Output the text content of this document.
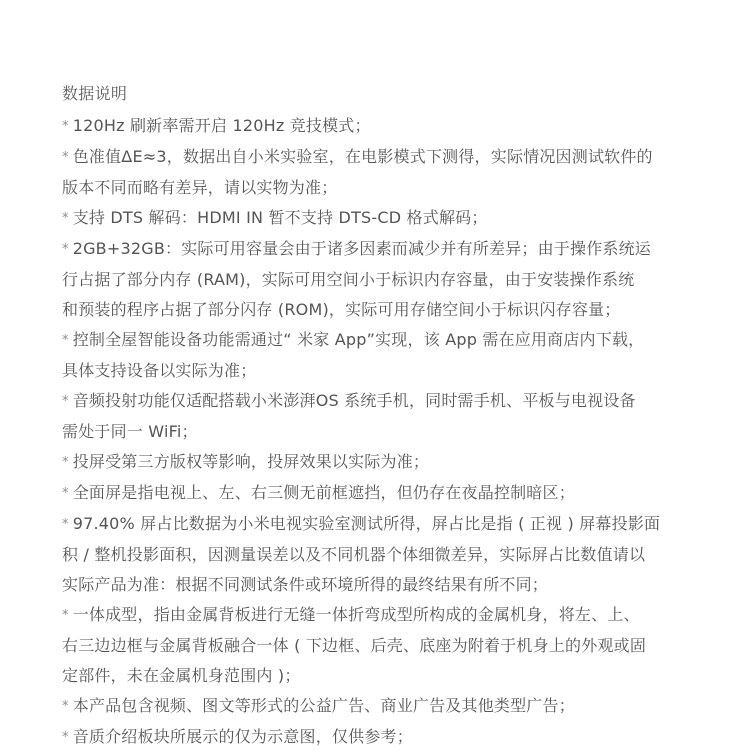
数据说明
* 120Hz 刷新率需开启 120Hz 竞技模式；
* 色准值ΔE≈3，数据出自小米实验室，在电影模式下测得，实际情况因测试软件的
版本不同而略有差异，请以实物为准；
* 支持 DTS 解码：HDMI IN 暂不支持 DTS-CD 格式解码；
* 2GB+32GB：实际可用容量会由于诸多因素而减少并有所差异；由于操作系统运
行占据了部分内存 (RAM)，实际可用空间小于标识内存容量，由于安装操作系统
和预装的程序占据了部分闪存 (ROM)，实际可用存储空间小于标识闪存容量；
* 控制全屋智能设备功能需通过“ 米家 App”实现，该 App 需在应用商店内下载，
具体支持设备以实际为准；
* 音频投射功能仅适配搭载小米澎湃OS 系统手机，同时需手机、平板与电视设备
需处于同一 WiFi；
* 投屏受第三方版权等影响，投屏效果以实际为准；
* 全面屏是指电视上、左、右三侧无前框遮挡，但仍存在夜晶控制暗区；
* 97.40% 屏占比数据为小米电视实验室测试所得，屏占比是指 ( 正视 ) 屏幕投影面
积 / 整机投影面积，因测量误差以及不同机器个体细微差异，实际屏占比数值请以
实际产品为准：根据不同测试条件或环境所得的最终结果有所不同；
* 一体成型，指由金属背板进行无缝一体折弯成型所构成的金属机身，将左、上、
右三边边框与金属背板融合一体 ( 下边框、后壳、底座为附着于机身上的外观或固
定部件，未在金属机身范围内 )；
* 本产品包含视频、图文等形式的公益广告、商业广告及其他类型广告；
* 音质介绍板块所展示的仅为示意图，仅供参考；
